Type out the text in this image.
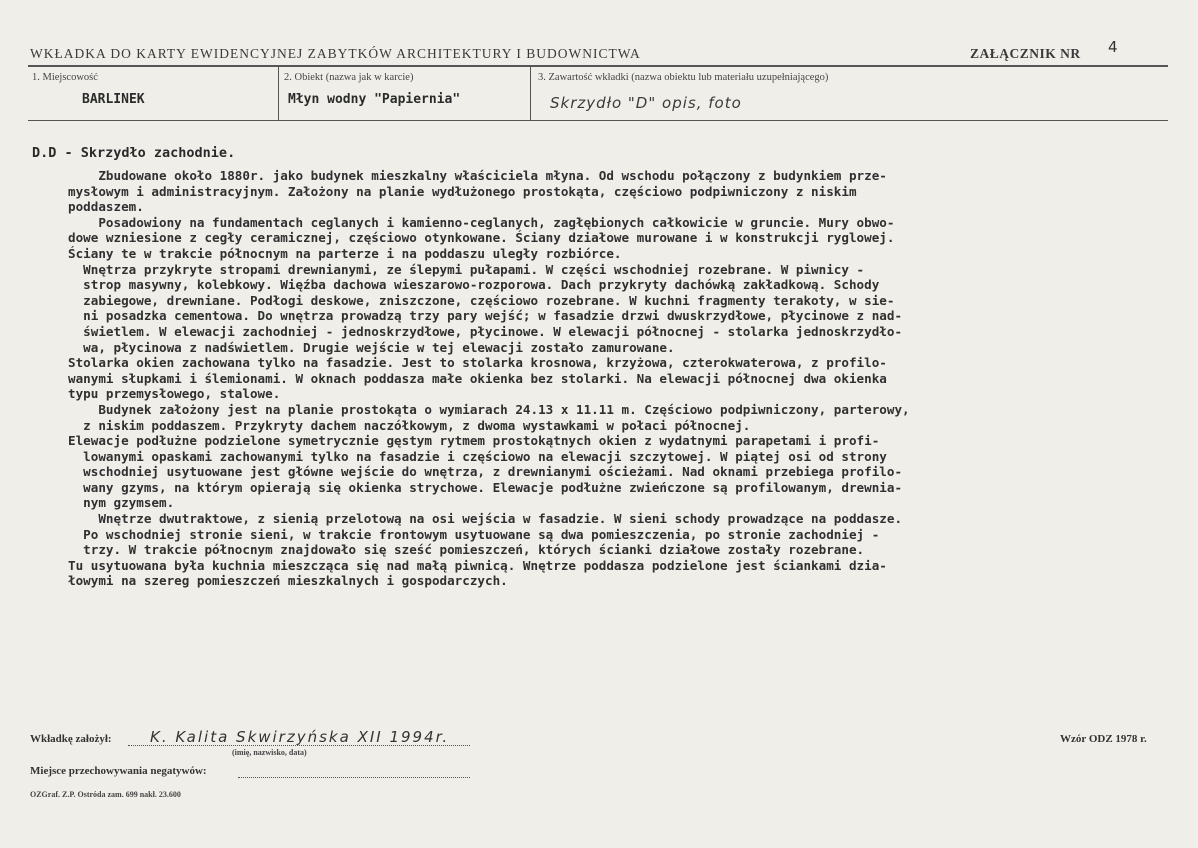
WKŁADKA DO KARTY EWIDENCYJNEJ ZABYTKÓW ARCHITEKTURY I BUDOWNICTWA	ZAŁĄCZNIK NR 4
1. Miejscowość
BARLINEK
2. Obiekt (nazwa jak w karcie)
Młyn wodny "Papiernia"
3. Zawartość wkładki (nazwa obiektu lub materiału uzupełniającego)
Skrzydło "D" opis, foto
D.D - Skrzydło zachodnie.

Zbudowane około 1880r. jako budynek mieszkalny właściciela młyna. Od wschodu połączony z budynkiem prze-

mysłowym i administracyjnym. Założony na planie wydłużonego prostokąta, częściowo podpiwniczony z niskim

poddaszem.

Posadowiony na fundamentach ceglanych i kamienno-ceglanych, zagłębionych całkowicie w gruncie. Mury obwo-

dowe wzniesione z cegły ceramicznej, częściowo otynkowane. Ściany działowe murowane i w konstrukcji ryglowej.

Ściany te w trakcie północnym na parterze i na poddaszu uległy rozbiórce.

Wnętrza przykryte stropami drewnianymi, ze ślepymi pułapami. W części wschodniej rozebrane. W piwnicy -

strop masywny, kolebkowy. Więźba dachowa wieszarowo-rozporowa. Dach przykryty dachówką zakładkową. Schody

zabiegowe, drewniane. Podłogi deskowe, zniszczone, częściowo rozebrane. W kuchni fragmenty terakoty, w sie-

ni posadzka cementowa. Do wnętrza prowadzą trzy pary wejść; w fasadzie drzwi dwuskrzydłowe, płycinowe z nad-

świetlem. W elewacji zachodniej - jednoskrzydłowe, płycinowe. W elewacji północnej - stolarka jednoskrzydło-

wa, płycinowa z nadświetlem. Drugie wejście w tej elewacji zostało zamurowane.

Stolarka okien zachowana tylko na fasadzie. Jest to stolarka krosnowa, krzyżowa, czterokwaterowa, z profilo-

wanymi słupkami i ślemionami. W oknach poddasza małe okienka bez stolarki. Na elewacji północnej dwa okienka

typu przemysłowego, stalowe.

Budynek założony jest na planie prostokąta o wymiarach 24.13 x 11.11 m. Częściowo podpiwniczony, parterowy,

z niskim poddaszem. Przykryty dachem naczółkowym, z dwoma wystawkami w połaci północnej.

Elewacje podłużne podzielone symetrycznie gęstym rytmem prostokątnych okien z wydatnymi parapetami i profi-

lowanymi opaskami zachowanymi tylko na fasadzie i częściowo na elewacji szczytowej. W piątej osi od strony

wschodniej usytuowane jest główne wejście do wnętrza, z drewnianymi ościeżami. Nad oknami przebiega profilo-

wany gzyms, na którym opierają się okienka strychowe. Elewacje podłużne zwieńczone są profilowanym, drewnia-

nym gzymsem.

Wnętrze dwutraktowe, z sienią przelotową na osi wejścia w fasadzie. W sieni schody prowadzące na poddasze.

Po wschodniej stronie sieni, w trakcie frontowym usytuowane są dwa pomieszczenia, po stronie zachodniej -

trzy. W trakcie północnym znajdowało się sześć pomieszczeń, których ścianki działowe zostały rozebrane.

Tu usytuowana była kuchnia mieszcząca się nad małą piwnicą. Wnętrze poddasza podzielone jest ściankami dzia-

łowymi na szereg pomieszczeń mieszkalnych i gospodarczych.

Wkładkę założył:	K. Kalita Skwirzyńska XII 1994r.
(imię, nazwisko, data)
Miejsce przechowywania negatywów:
OZGraf. Z.P. Ostróda zam. 699 nakł. 23.600
Wzór ODZ 1978 r.
